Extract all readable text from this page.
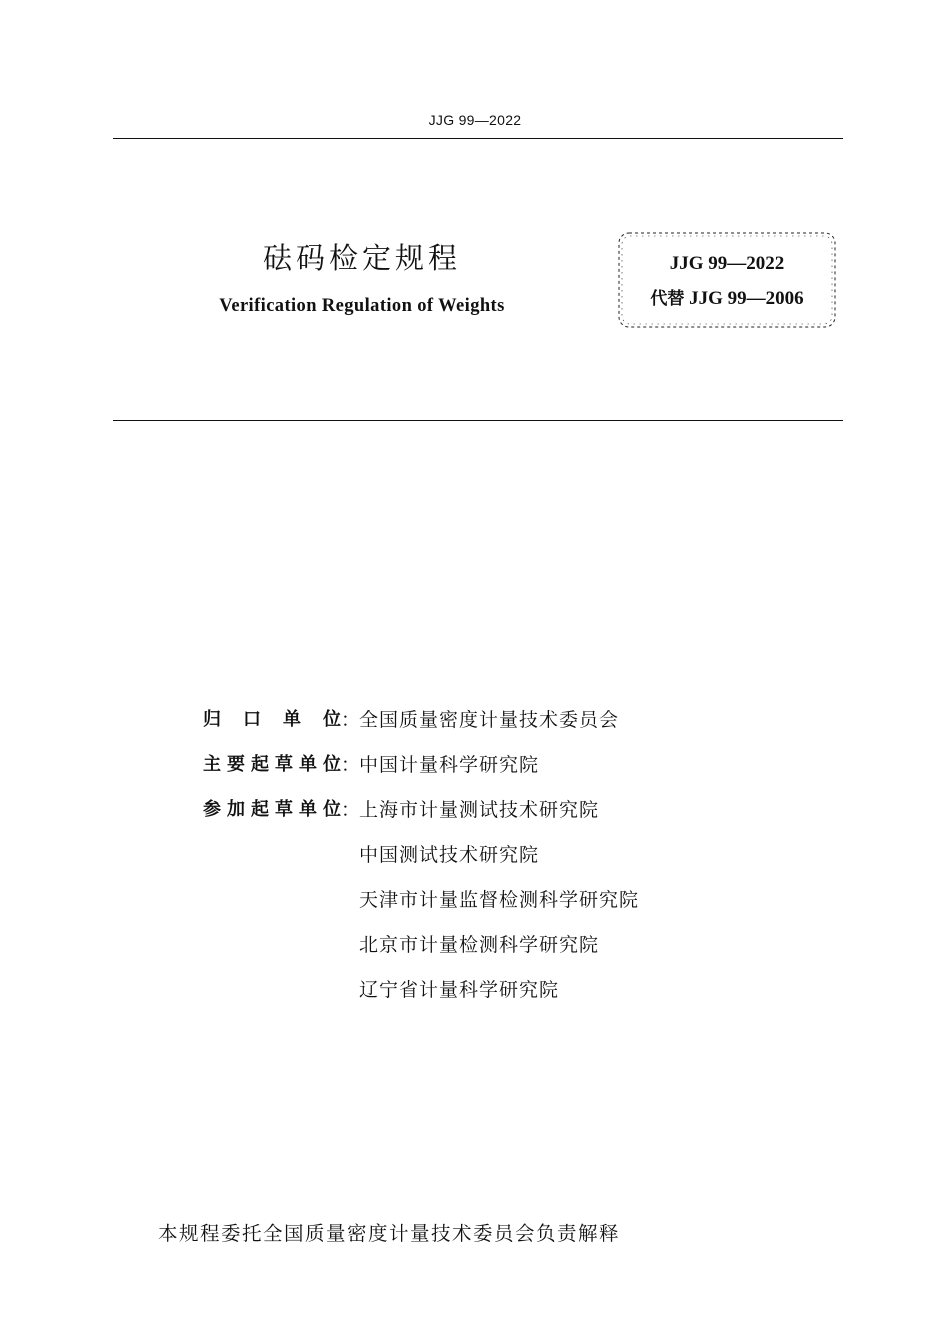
JJG 99—2022
砝码检定规程
Verification Regulation of Weights
JJG 99—2022
代替 JJG 99—2006
归口单位：全国质量密度计量技术委员会
主要起草单位：中国计量科学研究院
参加起草单位：上海市计量测试技术研究院
中国测试技术研究院
天津市计量监督检测科学研究院
北京市计量检测科学研究院
辽宁省计量科学研究院
本规程委托全国质量密度计量技术委员会负责解释
